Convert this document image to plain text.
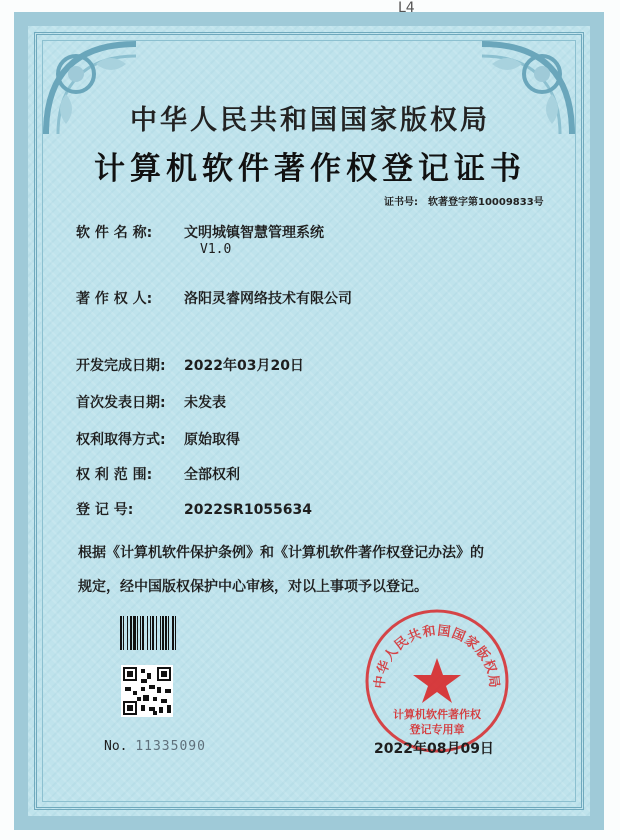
L4
中华人民共和国国家版权局
计算机软件著作权登记证书
证书号: 软著登字第10009833号
软 件 名 称: 文明城镇智慧管理系统
V1.0
著 作 权 人: 洛阳灵睿网络技术有限公司
开发完成日期: 2022年03月20日
首次发表日期: 未发表
权利取得方式: 原始取得
权 利 范 围: 全部权利
登 记 号:	2022SR1055634
根据《计算机软件保护条例》和《计算机软件著作权登记办法》的
规定，经中国版权保护中心审核，对以上事项予以登记。
No. 11335090
中华人民共和国国家版权局
计算机软件著作权
登记专用章
2022年08月09日
